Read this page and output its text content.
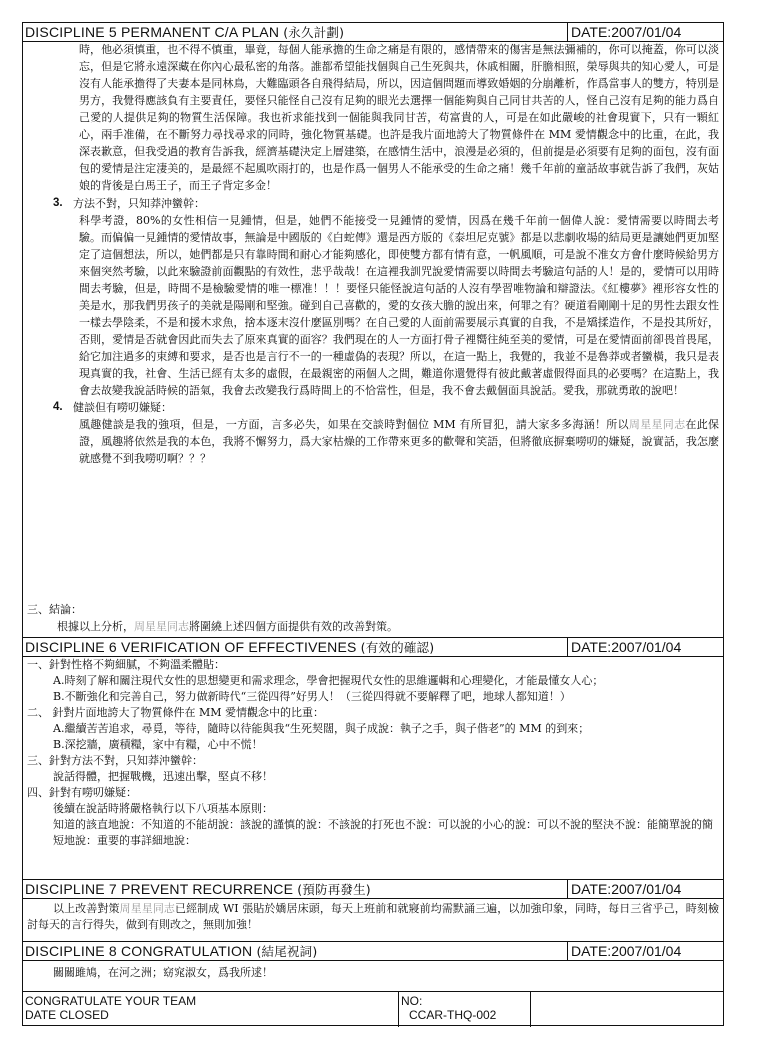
DISCIPLINE 5 PERMANENT C/A PLAN (永久計劃)	DATE:2007/01/04
時，他必須慎重，也不得不慎重，畢竟，每個人能承擔的生命之痛是有限的，感情帶來的傷害是無法彌補的，你可以掩蓋，你可以淡忘，但是它將永遠深藏在你內心最私密的角落。誰都希望能找個與自己生死與共，休戚相關，肝膽相照，榮辱與共的知心愛人，可是沒有人能承擔得了夫妻本是同林鳥，大難臨頭各自飛得結局，所以，因這個問題而導致婚姻的分崩離析，作爲當事人的雙方，特別是男方，我覺得應該負有主要責任，要怪只能怪自己沒有足夠的眼光去選擇一個能夠與自己同甘共苦的人，怪自己沒有足夠的能力爲自己愛的人提供足夠的物質生活保障。我也祈求能找到一個能與我同甘苦，苟富貴的人，可是在如此嚴峻的社會現實下，只有一顆紅心，兩手准備，在不斷努力尋找尋求的同時，強化物質基礎。也許是我片面地誇大了物質條件在 MM 愛情觀念中的比重，在此，我深表歉意，但我受過的教育告訴我，經濟基礎決定上層建築，在感情生活中，浪漫是必須的，但前提是必須要有足夠的面包，沒有面包的愛情是注定淒美的，是最經不起風吹雨打的，也是作爲一個男人不能承受的生命之痛！幾千年前的童話故事就告訴了我們，灰姑娘的背後是白馬王子，而王子背定多金！
3. 方法不對，只知莽沖蠻幹：
科學考證，80%的女性相信一見鍾情，但是，她們不能接受一見鍾情的愛情，因爲在幾千年前一個偉人說：愛情需要以時間去考驗。而偏偏一見鍾情的愛情故事，無論是中國版的《白蛇傳》還是西方版的《泰坦尼克號》都是以悲劇收場的結局更是讓她們更加堅定了這個想法，所以，她們都是只有靠時間和耐心才能夠感化，即使雙方都有情有意，一帆風順，可是說不准女方會什麼時候給男方來個突然考驗，以此來驗證前面觀點的有效性，悲乎哉哉！在這裡我訓咒說愛情需要以時間去考驗這句話的人！是的，愛情可以用時間去考驗，但是，時間不是檢驗愛情的唯一標准！！！要怪只能怪說這句話的人沒有學習唯物論和辯證法。《紅樓夢》裡形容女性的美是水，那我們男孩子的美就是陽剛和堅強。碰到自己喜歡的，愛的女孩大膽的說出來，何罪之有？硬道看剛剛十足的男性去跟女性一樣去學陰柔，不是和援木求魚，捨本逐末沒什麼區別嗎？在自己愛的人面前需要展示真實的自我，不是矯揉造作，不是投其所好，否則，愛情是否就會因此而失去了原來真實的面容？我們現在的人一方面打骨子裡嚮往純至美的愛情，可是在愛情面前卻畏首畏尾，給它加注過多的束縛和要求，是否也是言行不一的一種虛偽的表現？所以，在這一點上，我覺的，我並不是魯莽或者蠻橫，我只是表現真實的我，社會、生活已經有太多的虛假，在最親密的兩個人之間，難道你還覺得有彼此戴著虛假得面具的必要嗎？在這點上，我會去故變我說話時候的語氣，我會去改變我行爲時間上的不恰當性，但是，我不會去戴個面具說話。愛我，那就勇敢的說吧！
4. 健談但有嘮叨嫌疑：
風趣健談是我的強項，但是，一方面，言多必失，如果在交談時對個位 MM 有所冒犯，請大家多多海涵！所以周星星同志在此保證，風趣將依然是我的本色，我將不懈努力，爲大家枯燥的工作帶來更多的歡聲和笑語，但將徹底摒棄嘮叨的嫌疑，說實話，我怎麼就感覺不到我嘮叨啊？？？
三、結論：
根據以上分析，周星星同志將圍繞上述四個方面提供有效的改善對策。
DISCIPLINE 6 VERIFICATION OF EFFECTIVENES (有效的確認)	DATE:2007/01/04
一、針對性格不夠細膩，不夠溫柔體貼：
A.時刻了解和關注現代女性的思想變更和需求理念，學會把握現代女性的思維邏輯和心理變化，才能最懂女人心；
B.不斷強化和完善自己，努力做新時代“三從四得”好男人！（三從四得就不要解釋了吧，地球人都知道！）
二、 針對片面地誇大了物質條件在 MM 愛情觀念中的比重：
A.繼續苦苦追求，尋覓，等待，隨時以待能與我“生死契闊，與子成說：執子之手，與子偕老”的 MM 的到來；
B.深挖牆，廣積糧，家中有糧，心中不慌！
三、針對方法不對，只知莽沖蠻幹：
說話得體，把握戰機，迅速出擊，堅貞不移！
四、針對有嘮叨嫌疑：
後續在說話時將嚴格執行以下八項基本原則：
知道的該直地說：不知道的不能胡說：該說的謹慎的說：不該說的打死也不說：可以說的小心的說：可以不說的堅決不說：能簡單說的簡短地說：重要的事詳細地說：
DISCIPLINE 7 PREVENT RECURRENCE (預防再發生)	DATE:2007/01/04
以上改善對策周星星同志已經制成 WI 張貼於嬌居床頭，每天上班前和就寢前均需默誦三遍，以加強印象，同時，每日三省乎己，時刻檢討每天的言行得失，做到有則改之，無則加強！
DISCIPLINE 8 CONGRATULATION (結尾祝詞)	DATE:2007/01/04
關關雎鳩，在河之洲；窈窕淑女，爲我所逑！
CONGRATULATE YOUR TEAM
DATE CLOSED
NO:
CCAR-THQ-002
